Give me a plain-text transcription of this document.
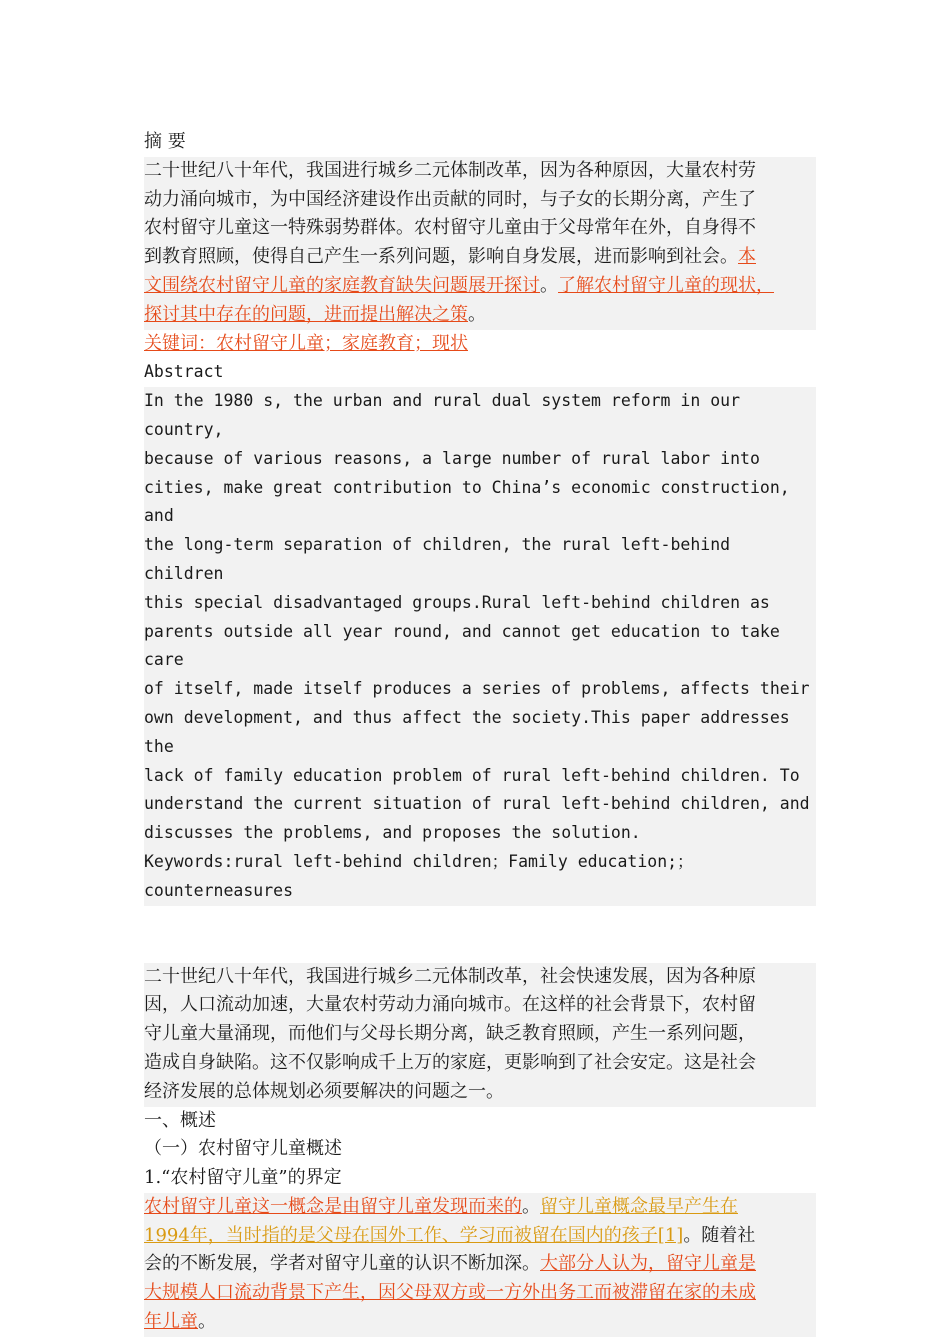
摘 要

二十世纪八十年代，我国进行城乡二元体制改革，因为各种原因，大量农村劳

动力涌向城市，为中国经济建设作出贡献的同时，与子女的长期分离，产生了

农村留守儿童这一特殊弱势群体。农村留守儿童由于父母常年在外，自身得不

到教育照顾，使得自己产生一系列问题，影响自身发展，进而影响到社会。本

文围绕农村留守儿童的家庭教育缺失问题展开探讨。了解农村留守儿童的现状，

探讨其中存在的问题，进而提出解决之策。

关键词：农村留守儿童；家庭教育；现状

Abstract

In the 1980 s, the urban and rural dual system reform in our country,

because of various reasons, a large number of rural labor into

cities, make great contribution to China’s economic construction, and

the long-term separation of children, the rural left-behind children

this special disadvantaged groups.Rural left-behind children as

parents outside all year round, and cannot get education to take care

of itself, made itself produces a series of problems, affects their

own development, and thus affect the society.This paper addresses the

lack of family education problem of rural left-behind children. To

understand the current situation of rural left-behind children, and

discusses the problems, and proposes the solution.

Keywords:rural left-behind children；Family education;；

counterneasures

二十世纪八十年代，我国进行城乡二元体制改革，社会快速发展，因为各种原

因，人口流动加速，大量农村劳动力涌向城市。在这样的社会背景下，农村留

守儿童大量涌现，而他们与父母长期分离，缺乏教育照顾，产生一系列问题，

造成自身缺陷。这不仅影响成千上万的家庭，更影响到了社会安定。这是社会

经济发展的总体规划必须要解决的问题之一。

一、概述

（一）农村留守儿童概述

1.“农村留守儿童”的界定

农村留守儿童这一概念是由留守儿童发现而来的。留守儿童概念最早产生在

1994年，当时指的是父母在国外工作、学习而被留在国内的孩子[1]。随着社

会的不断发展，学者对留守儿童的认识不断加深。大部分人认为，留守儿童是

大规模人口流动背景下产生，因父母双方或一方外出务工而被滞留在家的未成

年儿童。
